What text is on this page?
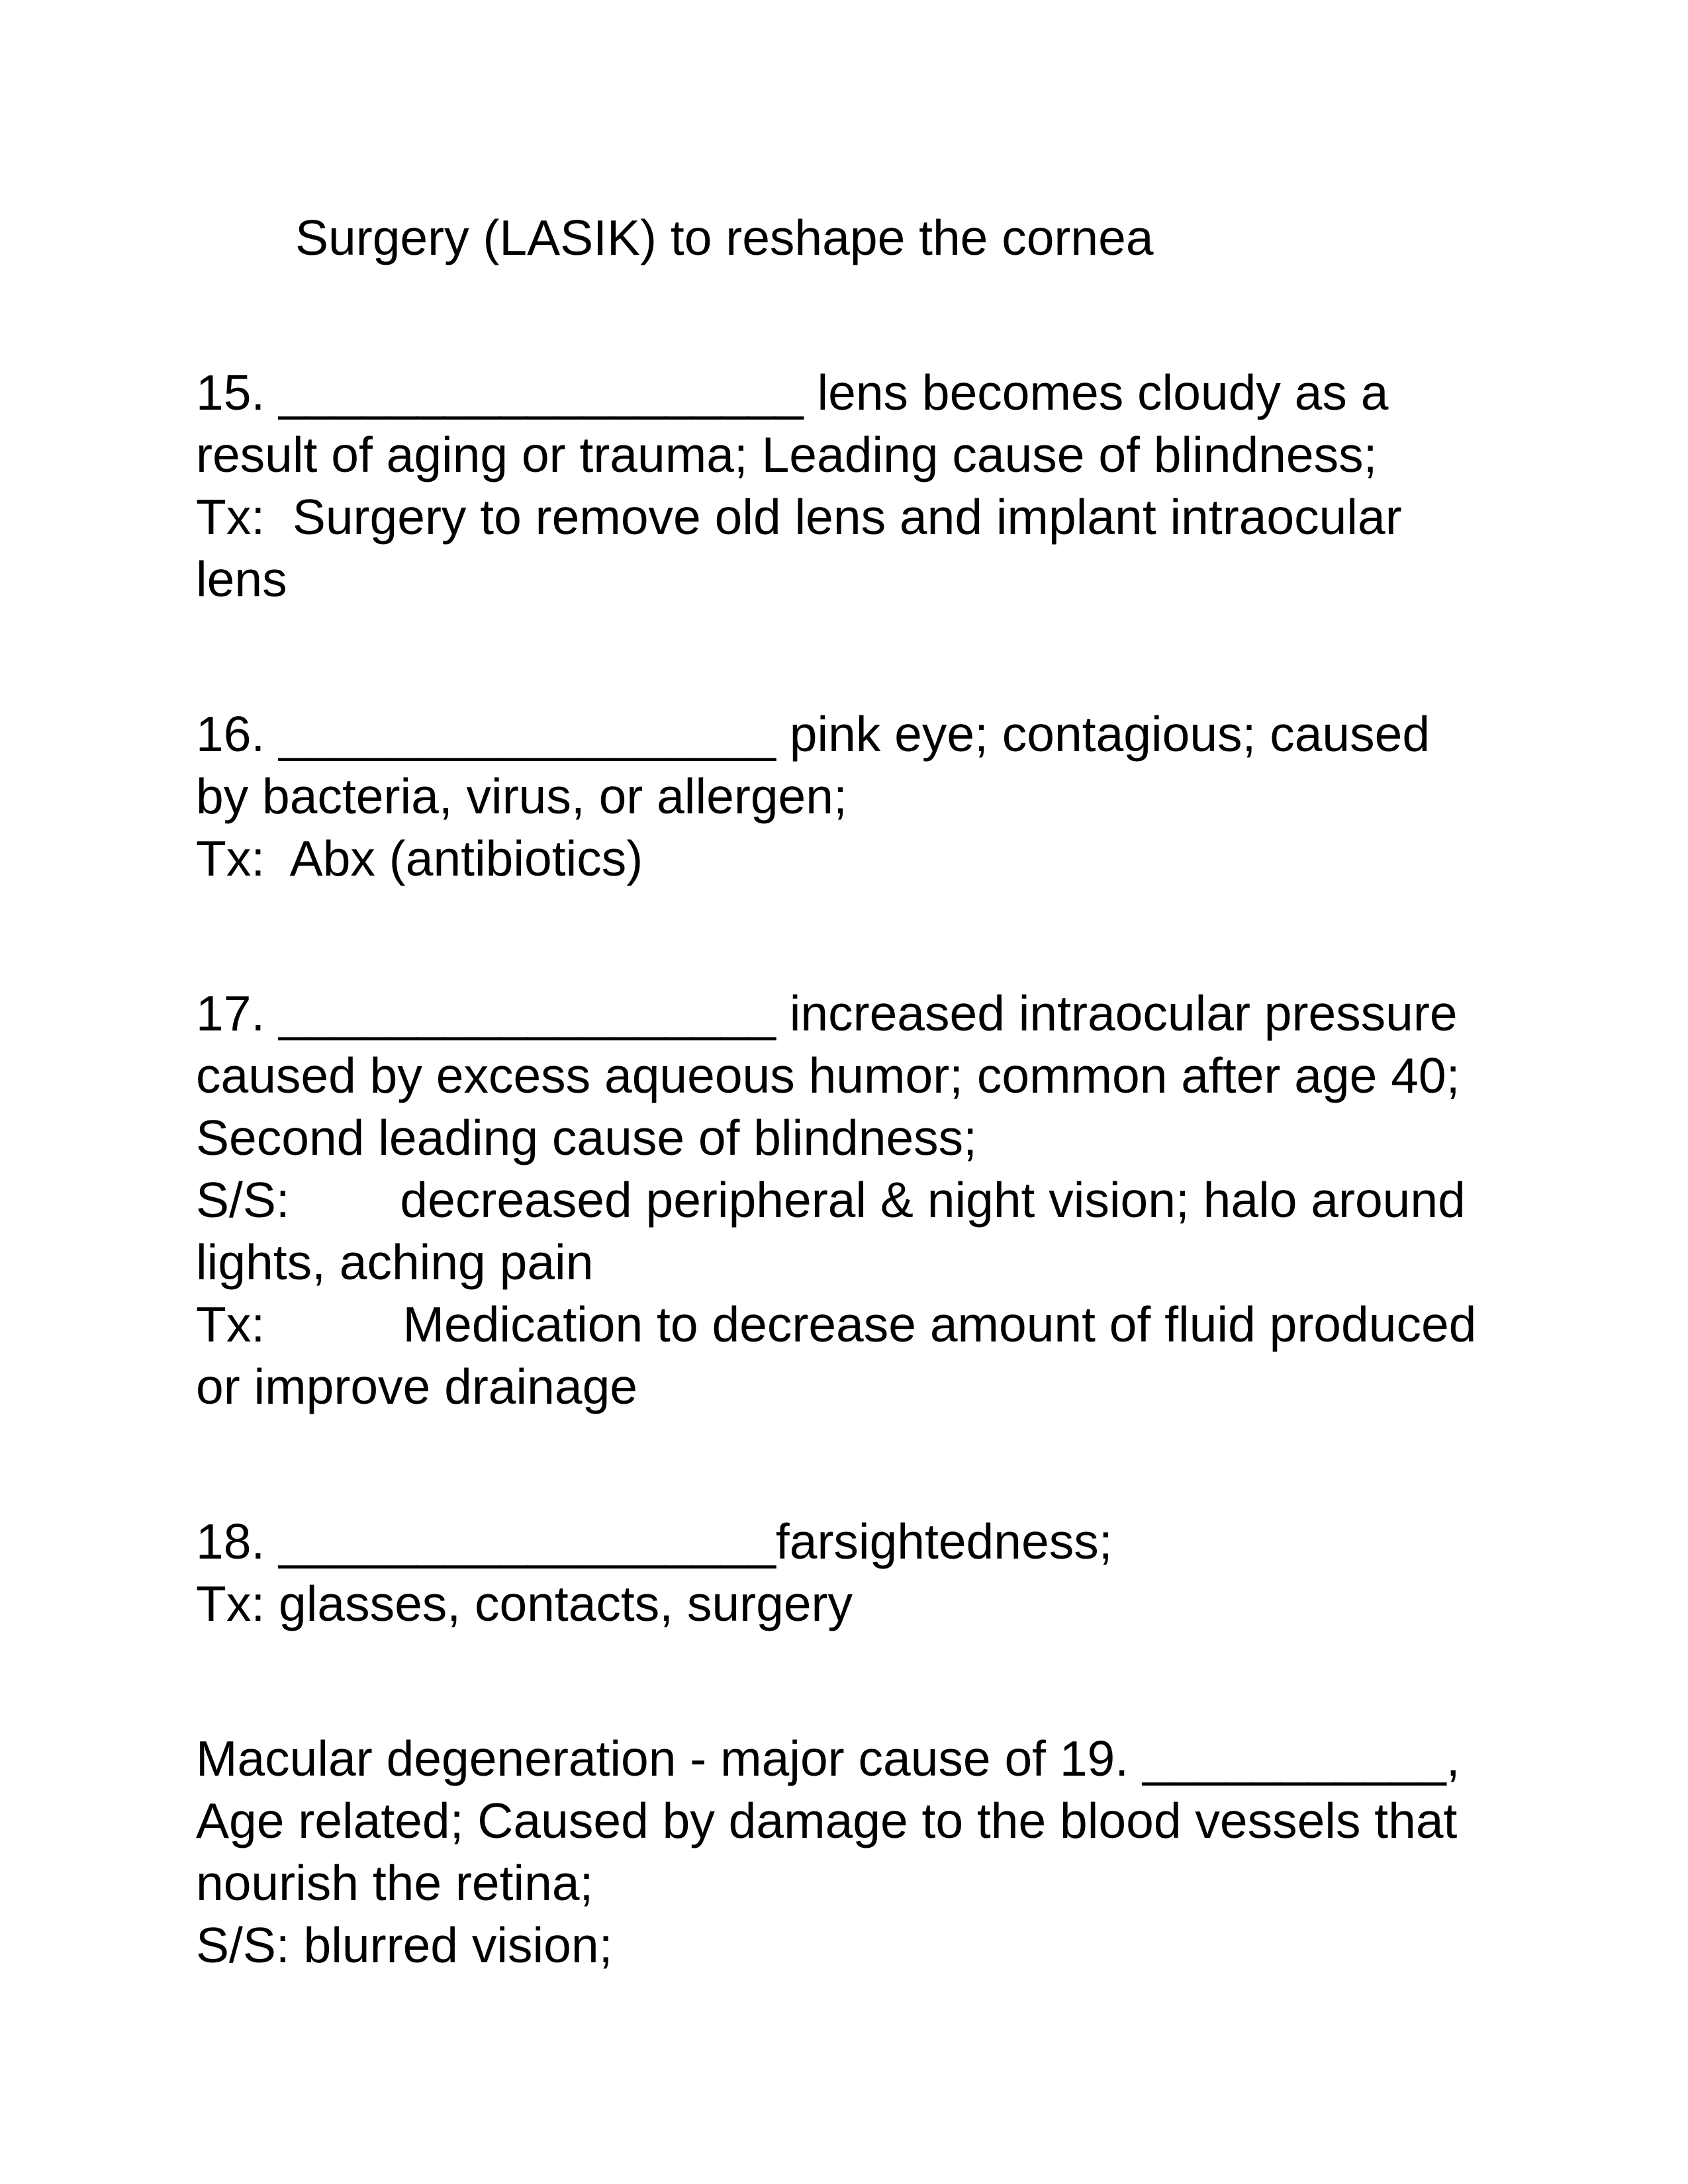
Surgery (LASIK) to reshape the cornea
15. ___________________ lens becomes cloudy as a
result of aging or trauma; Leading cause of blindness;
Tx:  Surgery to remove old lens and implant intraocular
lens
16. __________________ pink eye; contagious; caused
by bacteria, virus, or allergen;
Tx:  Abx (antibiotics)
17. __________________ increased intraocular pressure
caused by excess aqueous humor; common after age 40;
Second leading cause of blindness;
S/S:        decreased peripheral & night vision; halo around
lights, aching pain
Tx:          Medication to decrease amount of fluid produced
or improve drainage
18. __________________farsightedness;
Tx: glasses, contacts, surgery
Macular degeneration - major cause of 19. ___________,
Age related; Caused by damage to the blood vessels that
nourish the retina;
S/S: blurred vision;
